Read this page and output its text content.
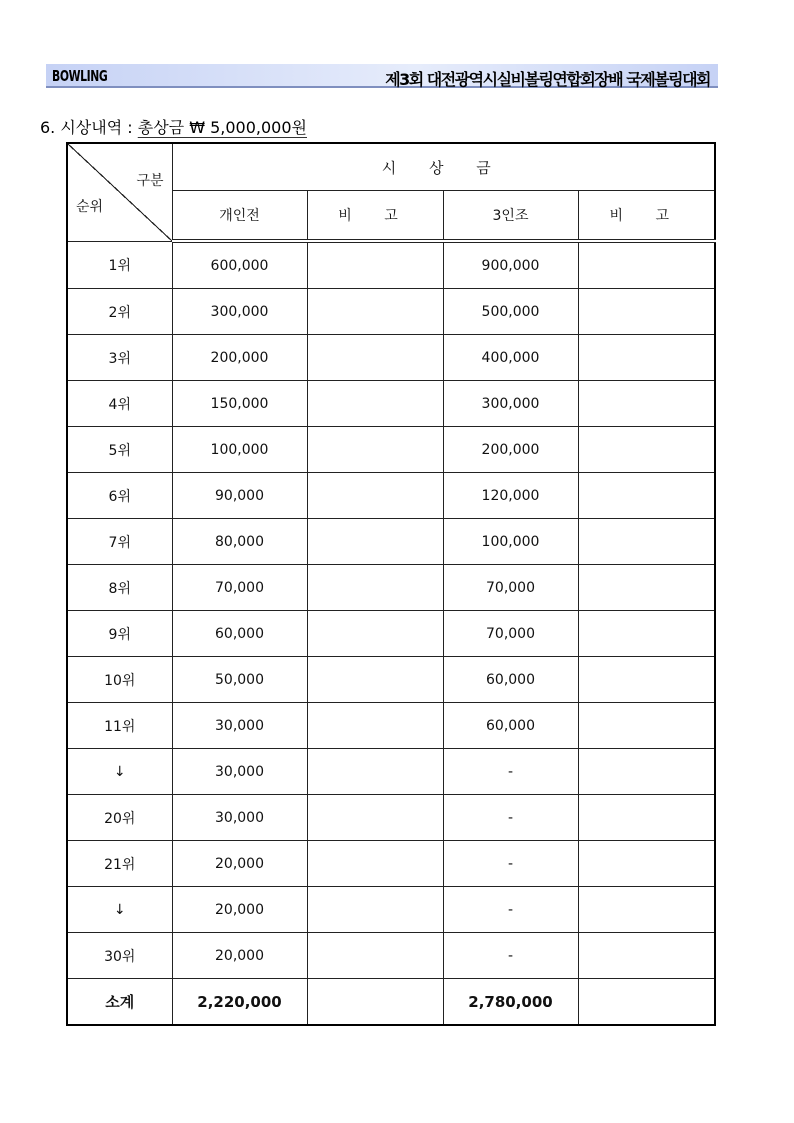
BOWLING	제3회 대전광역시실비볼링연합회장배 국제볼링대회
6. 시상내역 : 총상금 ₩ 5,000,000원
구분
순위	시 상 금			
	개인전	비 고	3인조	비 고
1위	600,000		900,000	
2위	300,000		500,000	
3위	200,000		400,000	
4위	150,000		300,000	
5위	100,000		200,000	
6위	90,000		120,000	
7위	80,000		100,000	
8위	70,000		70,000	
9위	60,000		70,000	
10위	50,000		60,000	
11위	30,000		60,000	
↓	30,000		-	
20위	30,000		-	
21위	20,000		-	
↓	20,000		-	
30위	20,000		-	
소계	2,220,000		2,780,000	
